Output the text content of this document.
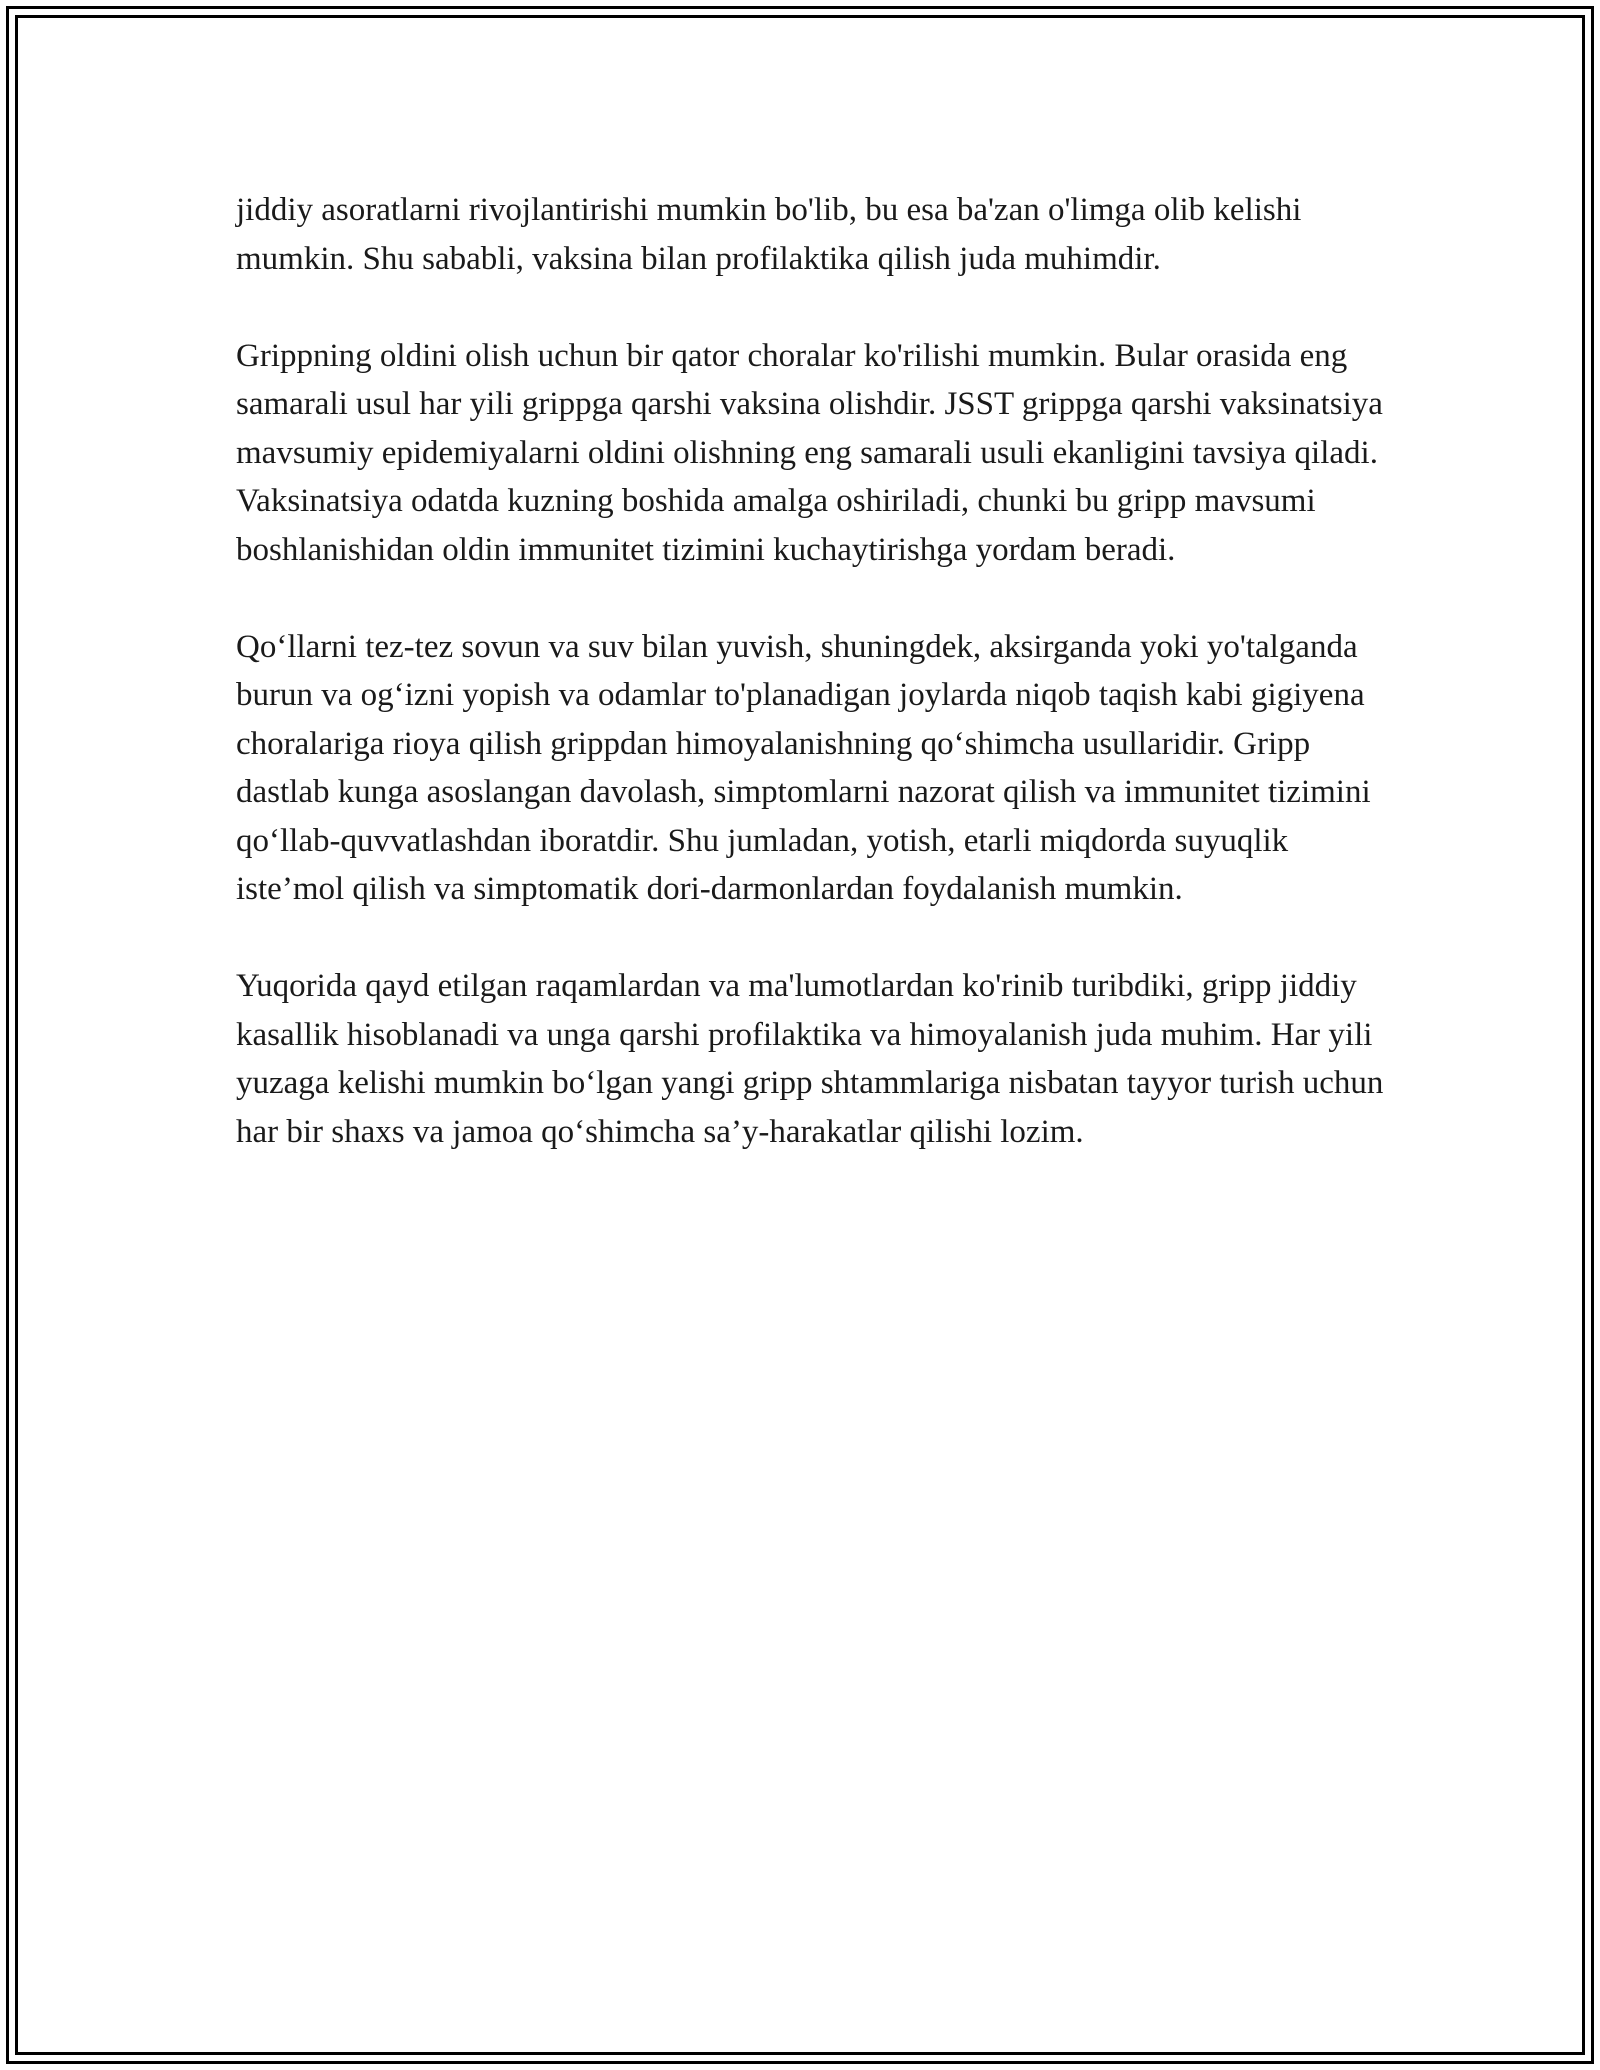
jiddiy asoratlarni rivojlantirishi mumkin bo'lib, bu esa ba'zan o'limga olib kelishi mumkin. Shu sababli, vaksina bilan profilaktika qilish juda muhimdir.

Grippning oldini olish uchun bir qator choralar ko'rilishi mumkin. Bular orasida eng samarali usul har yili grippga qarshi vaksina olishdir. JSST grippga qarshi vaksinatsiya mavsumiy epidemiyalarni oldini olishning eng samarali usuli ekanligini tavsiya qiladi. Vaksinatsiya odatda kuzning boshida amalga oshiriladi, chunki bu gripp mavsumi boshlanishidan oldin immunitet tizimini kuchaytirishga yordam beradi.

Qo‘llarni tez-tez sovun va suv bilan yuvish, shuningdek, aksirganda yoki yo'talganda burun va og‘izni yopish va odamlar to'planadigan joylarda niqob taqish kabi gigiyena choralariga rioya qilish grippdan himoyalanishning qo‘shimcha usullaridir. Gripp dastlab kunga asoslangan davolash, simptomlarni nazorat qilish va immunitet tizimini qo‘llab-quvvatlashdan iboratdir. Shu jumladan, yotish, etarli miqdorda suyuqlik iste’mol qilish va simptomatik dori-darmonlardan foydalanish mumkin.

Yuqorida qayd etilgan raqamlardan va ma'lumotlardan ko'rinib turibdiki, gripp jiddiy kasallik hisoblanadi va unga qarshi profilaktika va himoyalanish juda muhim. Har yili yuzaga kelishi mumkin bo‘lgan yangi gripp shtammlariga nisbatan tayyor turish uchun har bir shaxs va jamoa qo‘shimcha sa’y-harakatlar qilishi lozim.
